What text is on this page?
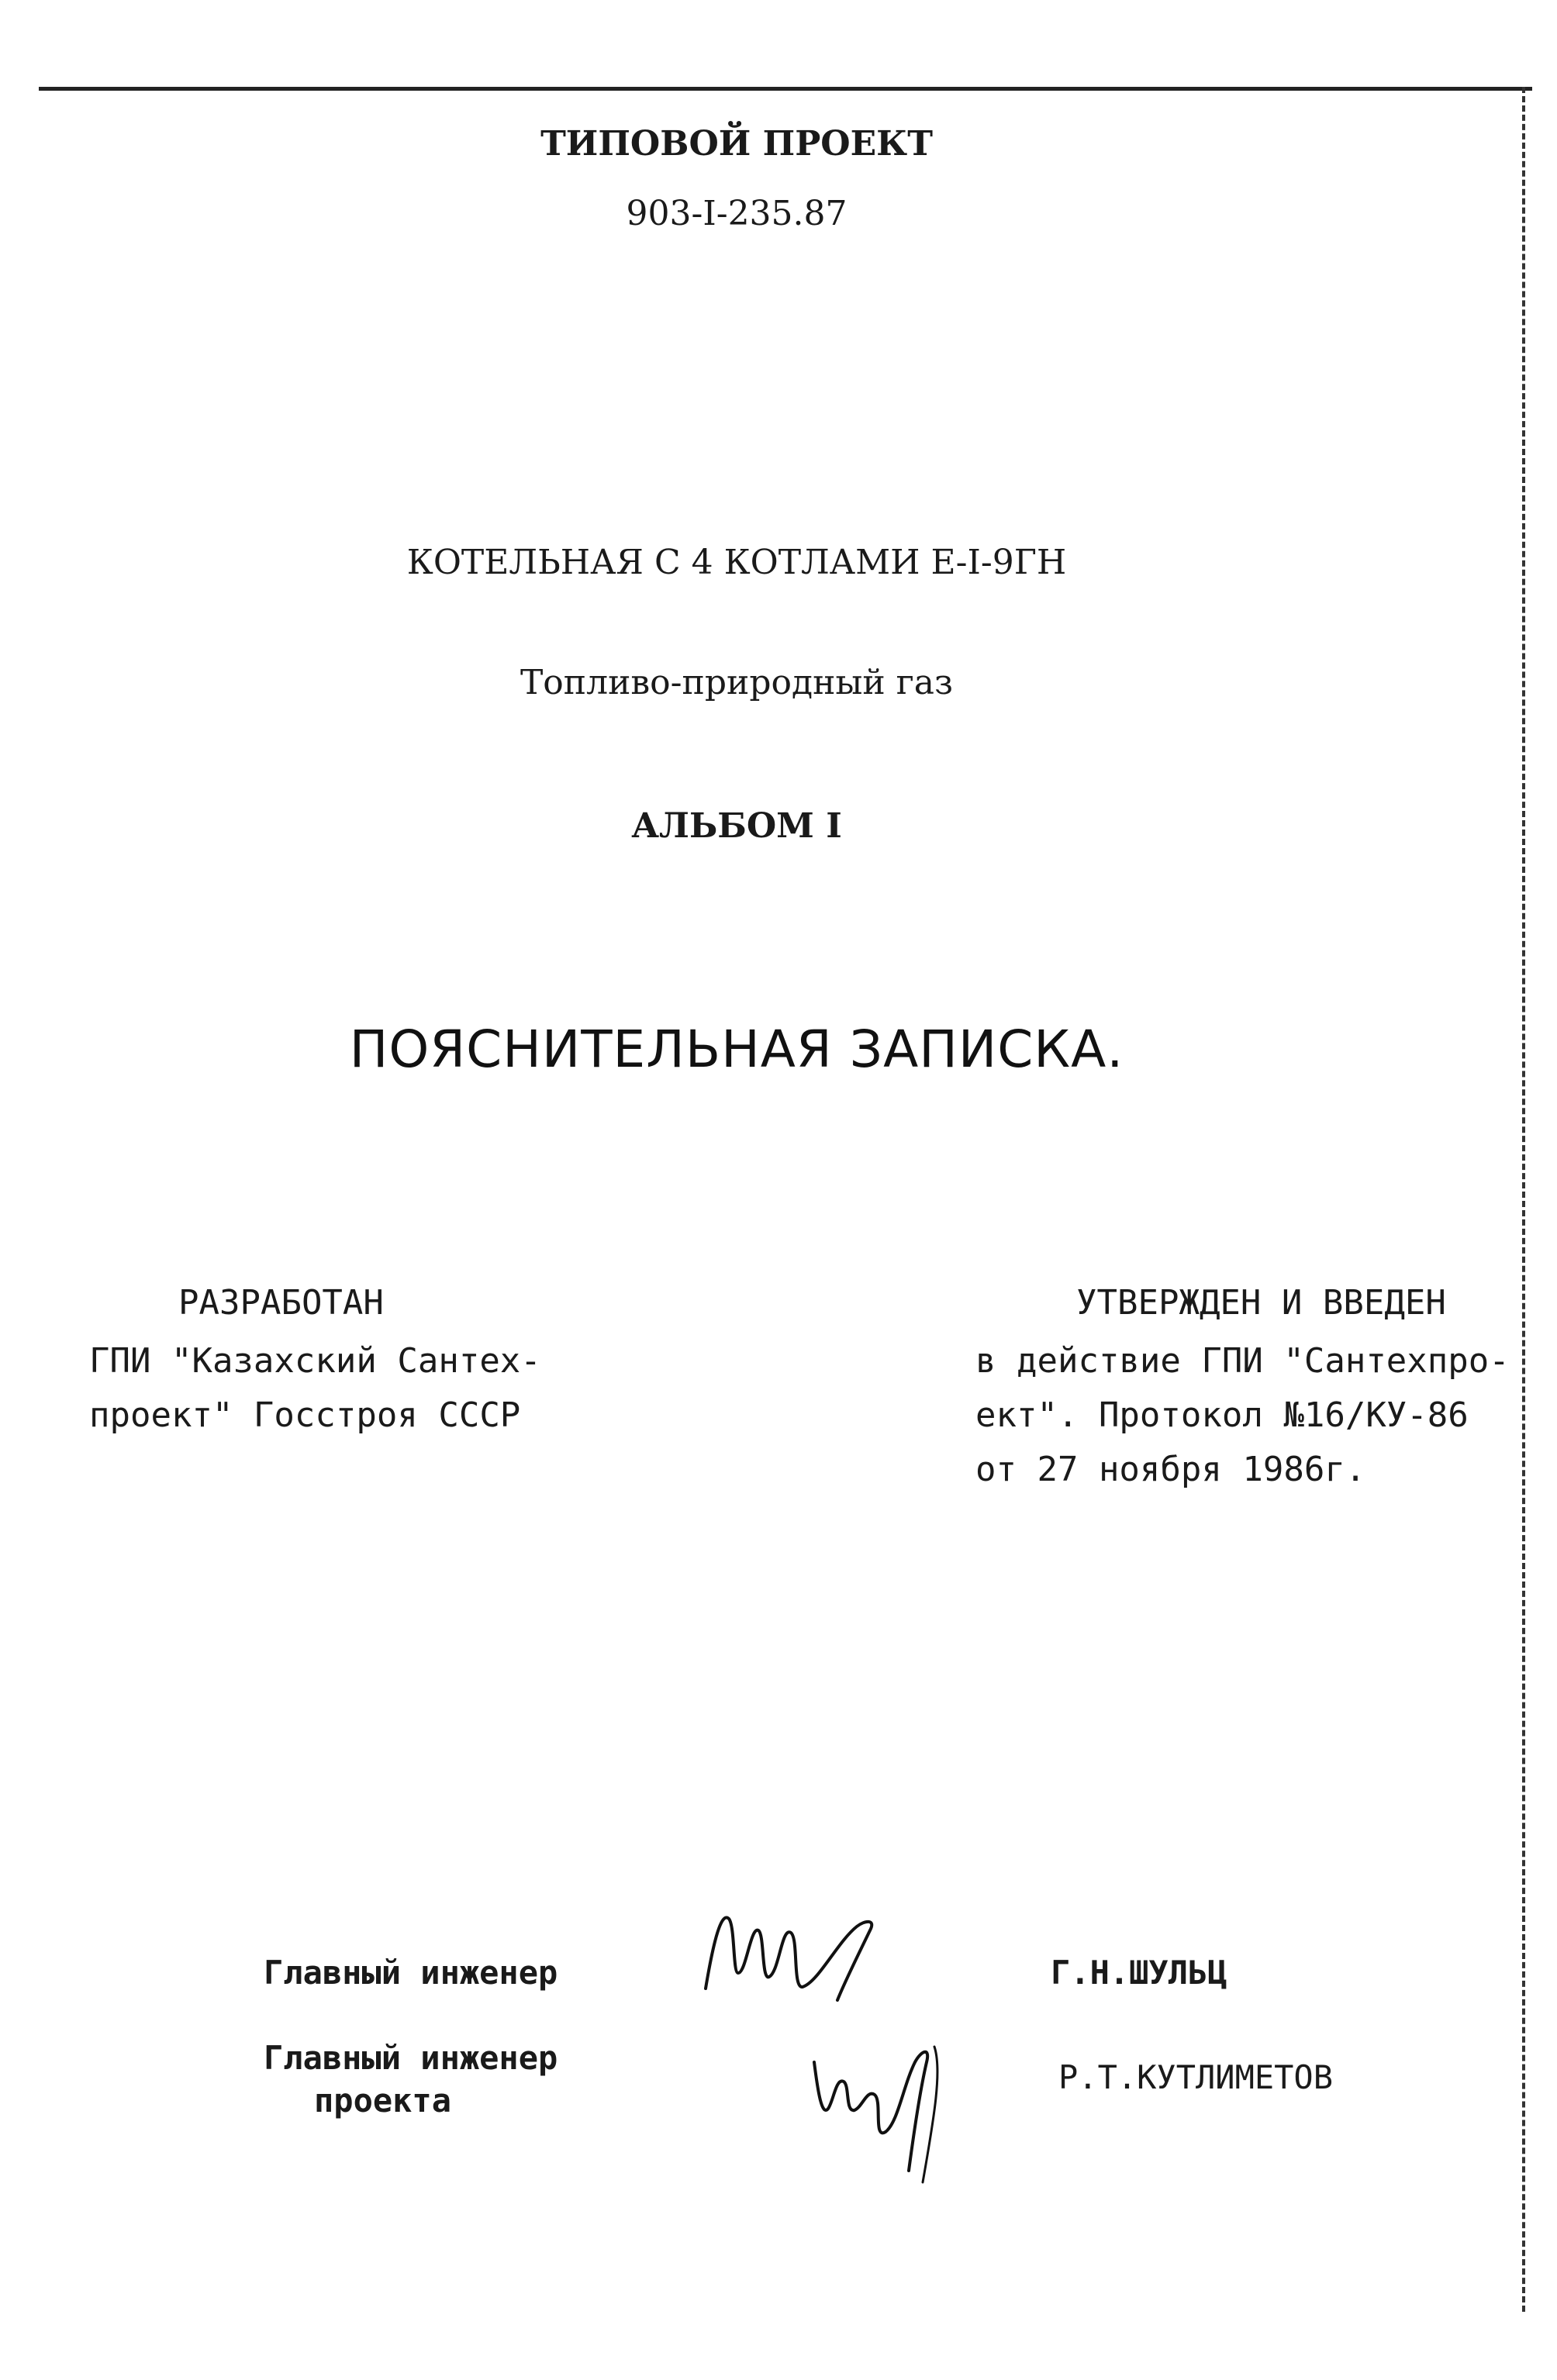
ТИПОВОЙ ПРОЕКТ
903-I-235.87
КОТЕЛЬНАЯ С 4 КОТЛАМИ Е-I-9ГН
Топливо-природный газ
АЛЬБОМ I
ПОЯСНИТЕЛЬНАЯ ЗАПИСКА.
РАЗРАБОТАН
ГПИ "Казахский Сантех-
проект" Госстроя СССР
УТВЕРЖДЕН И ВВЕДЕН
в действие ГПИ "Сантехпро-
ект". Протокол №16/КУ-86
от 27 ноября 1986г.
Главный инженер	Г.Н.ШУЛЬЦ
Главный инженер
проекта
Р.Т.КУТЛИМЕТОВ
